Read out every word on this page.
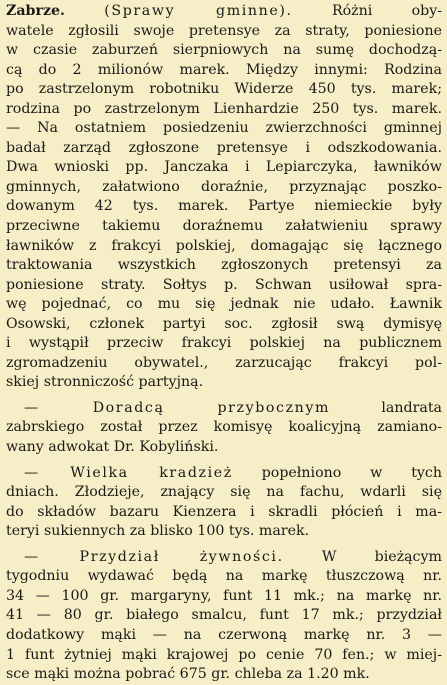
Zabrze.	(Sprawy gminne).	Różni oby-
watele zgłosili swoje pretensye za straty, poniesione
w czasie zaburzeń sierpniowych na sumę dochodzą-
cą do 2 milionów marek. Między innymi: Rodzina
po zastrzelonym robotniku Widerze 450 tys. marek;
rodzina po zastrzelonym Lienhardzie 250 tys. marek.
— Na ostatniem posiedzeniu zwierzchności gminnej
badał zarząd zgłoszone pretensye i odszkodowania.
Dwa wnioski pp. Janczaka i Lepiarczyka, ławników
gminnych, załatwiono doraźnie, przyznając poszko-
dowanym 42 tys. marek. Partye niemieckie były
przeciwne takiemu doraźnemu załatwieniu sprawy
ławników z frakcyi polskiej, domagając się łącznego
traktowania wszystkich zgłoszonych pretensyi za
poniesione straty. Sołtys p. Schwan usiłował spra-
wę pojednać, co mu się jednak nie udało. Ławnik
Osowski, członek partyi soc. zgłosił swą dymisyę
i wystąpił przeciw frakcyi polskiej na publicznem
zgromadzeniu obywatel., zarzucając frakcyi pol-
skiej stronniczość partyjną.

— Doradcą przybocznym	landrata
zabrskiego został przez komisyę koalicyjną zamiano-
wany adwokat Dr. Kobyliński.

— Wielka kradzież popełniono w tych
dniach. Złodzieje, znający się na fachu, wdarli się
do składów bazaru Kienzera i skradli płócień i ma-
teryi sukiennych za blisko 100 tys. marek.

— Przydział żywności.	W bieżącym
tygodniu wydawać będą na markę tłuszczową nr.
34 — 100 gr. margaryny, funt 11 mk.; na markę nr.
41 — 80 gr. białego smalcu, funt 17 mk.; przydział
dodatkowy mąki — na czerwoną markę nr. 3 —
1 funt żytniej mąki krajowej po cenie 70 fen.; w miej-
sce mąki można pobrać 675 gr. chleba za 1.20 mk.
